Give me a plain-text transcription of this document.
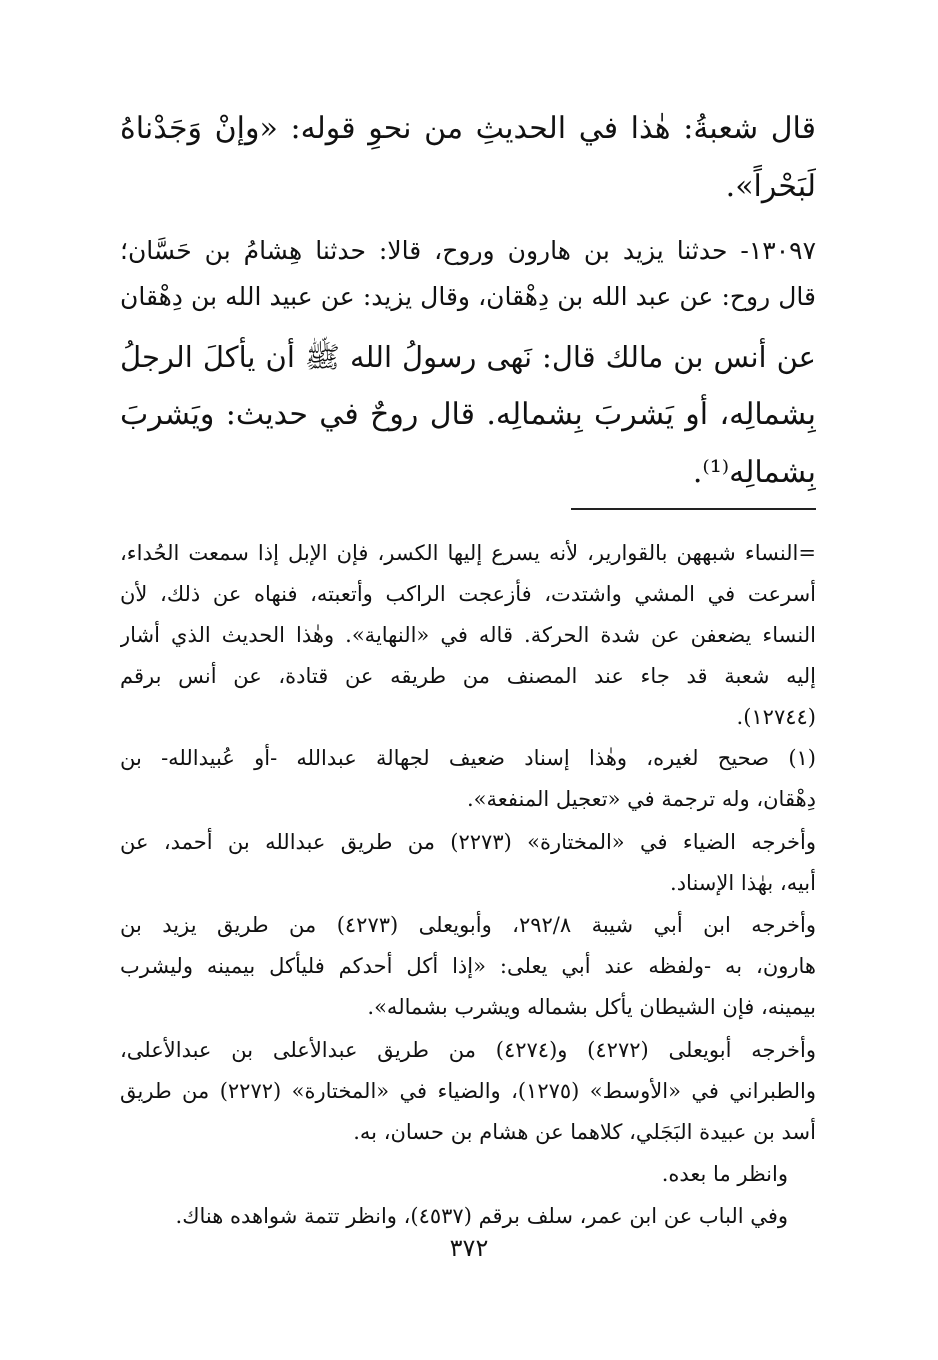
قال شعبةُ: هٰذا في الحديثِ من نحوِ قوله: «وإنْ وَجَدْناهُ
لَبَحْراً».
١٣٠٩٧- حدثنا يزيد بن هارون وروح، قالا: حدثنا هِشامُ بن حَسَّان؛
قال روح: عن عبد الله بن دِهْقان، وقال يزيد: عن عبيد الله بن دِهْقان
عن أنس بن مالك قال: نَهى رسولُ الله ﷺ أن يأكلَ الرجلُ
بِشمالِه، أو يَشربَ بِشمالِه. قال روحٌ في حديث: ويَشربَ
بِشمالِه⁽¹⁾.
=النساء شبههن بالقوارير، لأنه يسرع إليها الكسر، فإن الإبل إذا سمعت الحُداء،
أسرعت في المشي واشتدت، فأزعجت الراكب وأتعبته، فنهاه عن ذلك، لأن
النساء يضعفن عن شدة الحركة. قاله في «النهاية». وهٰذا الحديث الذي أشار
إليه شعبة قد جاء عند المصنف من طريقه عن قتادة، عن أنس برقم
(١٢٧٤٤).
(١) صحيح لغيره، وهٰذا إسناد ضعيف لجهالة عبدالله -أو عُبيدالله- بن
دِهْقان، وله ترجمة في «تعجيل المنفعة».
وأخرجه الضياء في «المختارة» (٢٢٧٣) من طريق عبدالله بن أحمد، عن
أبيه، بهٰذا الإسناد.
وأخرجه ابن أبي شيبة ٢٩٢/٨، وأبويعلى (٤٢٧٣) من طريق يزيد بن
هارون، به -ولفظه عند أبي يعلى: «إذا أكل أحدكم فليأكل بيمينه وليشرب
بيمينه، فإن الشيطان يأكل بشماله ويشرب بشماله».
وأخرجه أبويعلى (٤٢٧٢) و(٤٢٧٤) من طريق عبدالأعلى بن عبدالأعلى،
والطبراني في «الأوسط» (١٢٧٥)، والضياء في «المختارة» (٢٢٧٢) من طريق
أسد بن عبيدة البَجَلي، كلاهما عن هشام بن حسان، به.
وانظر ما بعده.
وفي الباب عن ابن عمر، سلف برقم (٤٥٣٧)، وانظر تتمة شواهده هناك.
٣٧٢
